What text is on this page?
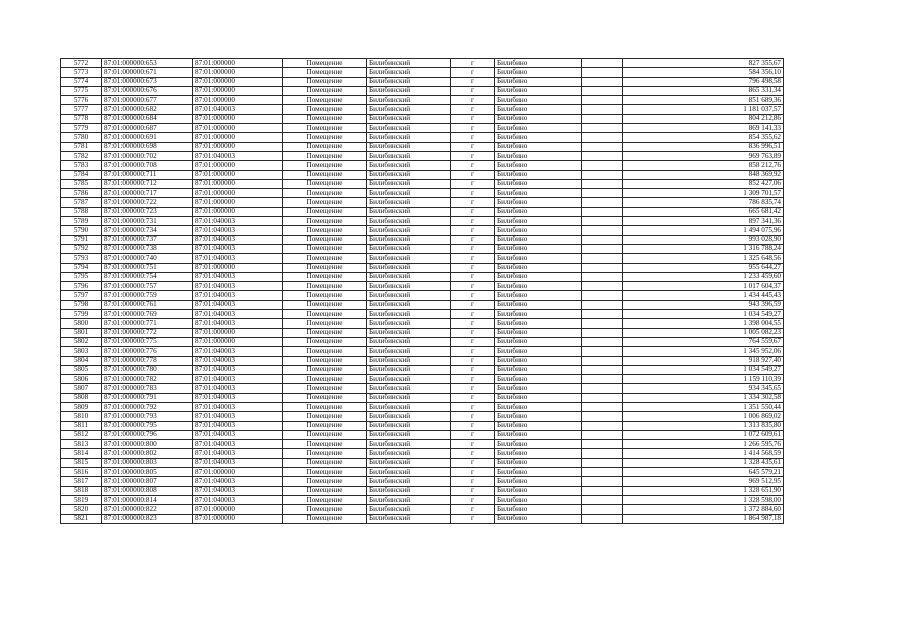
5772	87:01:000000:653	87:01:000000	Помещение	Билибинский	г	Билибино		827 355,67
5773	87:01:000000:671	87:01:000000	Помещение	Билибинский	г	Билибино		584 356,10
5774	87:01:000000:673	87:01:000000	Помещение	Билибинский	г	Билибино		796 498,58
5775	87:01:000000:676	87:01:000000	Помещение	Билибинский	г	Билибино		865 331,34
5776	87:01:000000:677	87:01:000000	Помещение	Билибинский	г	Билибино		851 689,36
5777	87:01:000000:682	87:01:040003	Помещение	Билибинский	г	Билибино		1 181 037,57
5778	87:01:000000:684	87:01:000000	Помещение	Билибинский	г	Билибино		804 212,86
5779	87:01:000000:687	87:01:000000	Помещение	Билибинский	г	Билибино		869 141,33
5780	87:01:000000:691	87:01:000000	Помещение	Билибинский	г	Билибино		854 355,62
5781	87:01:000000:698	87:01:000000	Помещение	Билибинский	г	Билибино		836 996,51
5782	87:01:000000:702	87:01:040003	Помещение	Билибинский	г	Билибино		969 763,89
5783	87:01:000000:708	87:01:000000	Помещение	Билибинский	г	Билибино		858 212,76
5784	87:01:000000:711	87:01:000000	Помещение	Билибинский	г	Билибино		848 369,92
5785	87:01:000000:712	87:01:000000	Помещение	Билибинский	г	Билибино		852 427,06
5786	87:01:000000:717	87:01:000000	Помещение	Билибинский	г	Билибино		1 309 701,57
5787	87:01:000000:722	87:01:000000	Помещение	Билибинский	г	Билибино		786 835,74
5788	87:01:000000:723	87:01:000000	Помещение	Билибинский	г	Билибино		665 681,42
5789	87:01:000000:731	87:01:040003	Помещение	Билибинский	г	Билибино		897 341,36
5790	87:01:000000:734	87:01:040003	Помещение	Билибинский	г	Билибино		1 494 075,96
5791	87:01:000000:737	87:01:040003	Помещение	Билибинский	г	Билибино		993 028,90
5792	87:01:000000:738	87:01:040003	Помещение	Билибинский	г	Билибино		1 316 788,24
5793	87:01:000000:740	87:01:040003	Помещение	Билибинский	г	Билибино		1 325 648,56
5794	87:01:000000:751	87:01:000000	Помещение	Билибинский	г	Билибино		955 644,27
5795	87:01:000000:754	87:01:040003	Помещение	Билибинский	г	Билибино		1 233 459,60
5796	87:01:000000:757	87:01:040003	Помещение	Билибинский	г	Билибино		1 017 604,37
5797	87:01:000000:759	87:01:040003	Помещение	Билибинский	г	Билибино		1 434 445,43
5798	87:01:000000:761	87:01:040003	Помещение	Билибинский	г	Билибино		943 396,59
5799	87:01:000000:769	87:01:040003	Помещение	Билибинский	г	Билибино		1 034 549,27
5800	87:01:000000:771	87:01:040003	Помещение	Билибинский	г	Билибино		1 398 004,55
5801	87:01:000000:772	87:01:000000	Помещение	Билибинский	г	Билибино		1 005 082,23
5802	87:01:000000:775	87:01:000000	Помещение	Билибинский	г	Билибино		764 559,67
5803	87:01:000000:776	87:01:040003	Помещение	Билибинский	г	Билибино		1 345 952,06
5804	87:01:000000:778	87:01:040003	Помещение	Билибинский	г	Билибино		918 927,40
5805	87:01:000000:780	87:01:040003	Помещение	Билибинский	г	Билибино		1 034 549,27
5806	87:01:000000:782	87:01:040003	Помещение	Билибинский	г	Билибино		1 159 110,39
5807	87:01:000000:783	87:01:040003	Помещение	Билибинский	г	Билибино		934 345,65
5808	87:01:000000:791	87:01:040003	Помещение	Билибинский	г	Билибино		1 334 302,58
5809	87:01:000000:792	87:01:040003	Помещение	Билибинский	г	Билибино		1 351 550,44
5810	87:01:000000:793	87:01:040003	Помещение	Билибинский	г	Билибино		1 006 869,02
5811	87:01:000000:795	87:01:040003	Помещение	Билибинский	г	Билибино		1 313 835,80
5812	87:01:000000:796	87:01:040003	Помещение	Билибинский	г	Билибино		1 072 609,61
5813	87:01:000000:800	87:01:040003	Помещение	Билибинский	г	Билибино		1 266 595,76
5814	87:01:000000:802	87:01:040003	Помещение	Билибинский	г	Билибино		1 414 568,59
5815	87:01:000000:803	87:01:040003	Помещение	Билибинский	г	Билибино		1 328 435,61
5816	87:01:000000:805	87:01:000000	Помещение	Билибинский	г	Билибино		645 579,21
5817	87:01:000000:807	87:01:040003	Помещение	Билибинский	г	Билибино		969 512,95
5818	87:01:000000:808	87:01:040003	Помещение	Билибинский	г	Билибино		1 328 651,90
5819	87:01:000000:814	87:01:040003	Помещение	Билибинский	г	Билибино		1 328 598,00
5820	87:01:000000:822	87:01:000000	Помещение	Билибинский	г	Билибино		1 372 884,60
5821	87:01:000000:823	87:01:000000	Помещение	Билибинский	г	Билибино		1 864 987,18
